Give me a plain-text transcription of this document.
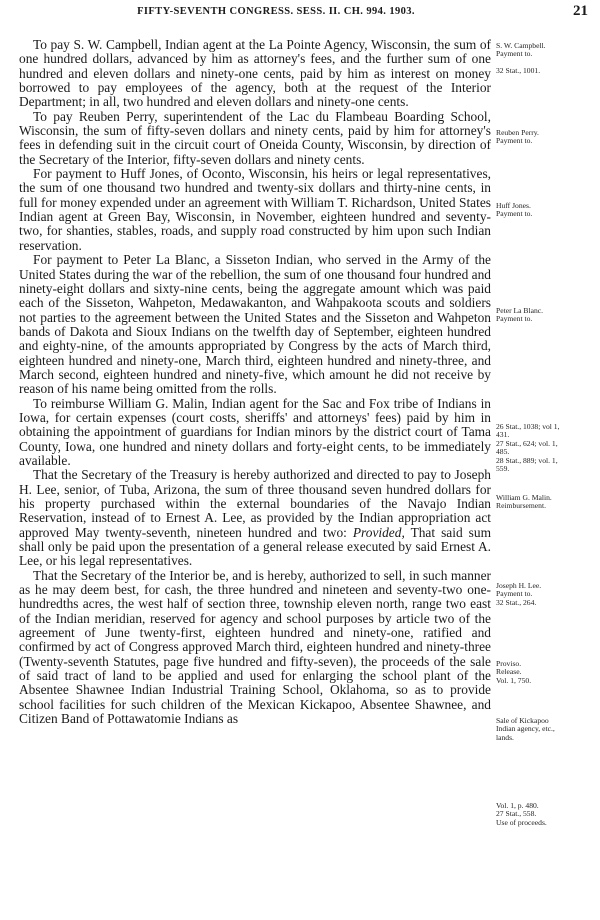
FIFTY-SEVENTH CONGRESS. SESS. II. CH. 994. 1903.	21

To pay S. W. Campbell, Indian agent at the La Pointe Agency, Wisconsin, the sum of one hundred dollars, advanced by him as attorney's fees, and the further sum of one hundred and eleven dollars and ninety-one cents, paid by him as interest on money borrowed to pay employees of the agency, both at the request of the Interior Department; in all, two hundred and eleven dollars and ninety-one cents.

To pay Reuben Perry, superintendent of the Lac du Flambeau Boarding School, Wisconsin, the sum of fifty-seven dollars and ninety cents, paid by him for attorney's fees in defending suit in the circuit court of Oneida County, Wisconsin, by direction of the Secretary of the Interior, fifty-seven dollars and ninety cents.

For payment to Huff Jones, of Oconto, Wisconsin, his heirs or legal representatives, the sum of one thousand two hundred and twenty-six dollars and thirty-nine cents, in full for money expended under an agreement with William T. Richardson, United States Indian agent at Green Bay, Wisconsin, in November, eighteen hundred and seventy-two, for shanties, stables, roads, and supply road constructed by him upon such Indian reservation.

For payment to Peter La Blanc, a Sisseton Indian, who served in the Army of the United States during the war of the rebellion, the sum of one thousand four hundred and ninety-eight dollars and sixty-nine cents, being the aggregate amount which was paid each of the Sisseton, Wahpeton, Medawakanton, and Wahpakoota scouts and soldiers not parties to the agreement between the United States and the Sisseton and Wahpeton bands of Dakota and Sioux Indians on the twelfth day of September, eighteen hundred and eighty-nine, of the amounts appropriated by Congress by the acts of March third, eighteen hundred and ninety-one, March third, eighteen hundred and ninety-three, and March second, eighteen hundred and ninety-five, which amount he did not receive by reason of his name being omitted from the rolls.

To reimburse William G. Malin, Indian agent for the Sac and Fox tribe of Indians in Iowa, for certain expenses (court costs, sheriffs' and attorneys' fees) paid by him in obtaining the appointment of guardians for Indian minors by the district court of Tama County, Iowa, one hundred and ninety dollars and forty-eight cents, to be immediately available.

That the Secretary of the Treasury is hereby authorized and directed to pay to Joseph H. Lee, senior, of Tuba, Arizona, the sum of three thousand seven hundred dollars for his property purchased within the external boundaries of the Navajo Indian Reservation, instead of to Ernest A. Lee, as provided by the Indian appropriation act approved May twenty-seventh, nineteen hundred and two: Provided, That said sum shall only be paid upon the presentation of a general release executed by said Ernest A. Lee, or his legal representatives.

That the Secretary of the Interior be, and is hereby, authorized to sell, in such manner as he may deem best, for cash, the three hundred and nineteen and seventy-two one-hundredths acres, the west half of section three, township eleven north, range two east of the Indian meridian, reserved for agency and school purposes by article two of the agreement of June twenty-first, eighteen hundred and ninety-one, ratified and confirmed by act of Congress approved March third, eighteen hundred and ninety-three (Twenty-seventh Statutes, page five hundred and fifty-seven), the proceeds of the sale of said tract of land to be applied and used for enlarging the school plant of the Absentee Shawnee Indian Industrial Training School, Oklahoma, so as to provide school facilities for such children of the Mexican Kickapoo, Absentee Shawnee, and Citizen Band of Pottawatomie Indians as

S. W. Campbell.
Payment to.

32 Stat., 1001.
Reuben Perry.
Payment to.
Huff Jones.
Payment to.
Peter La Blanc.
Payment to.
26 Stat., 1038; vol 1,
431.
27 Stat., 624; vol. 1,
485.
28 Stat., 889; vol. 1,
559.
William G. Malin.
Reimbursement.
Joseph H. Lee.
Payment to.
32 Stat., 264.
Proviso.
Release.
Vol. 1, 750.
Sale of Kickapoo
Indian agency, etc.,
lands.
Vol. 1, p. 480.
27 Stat., 558.
Use of proceeds.
